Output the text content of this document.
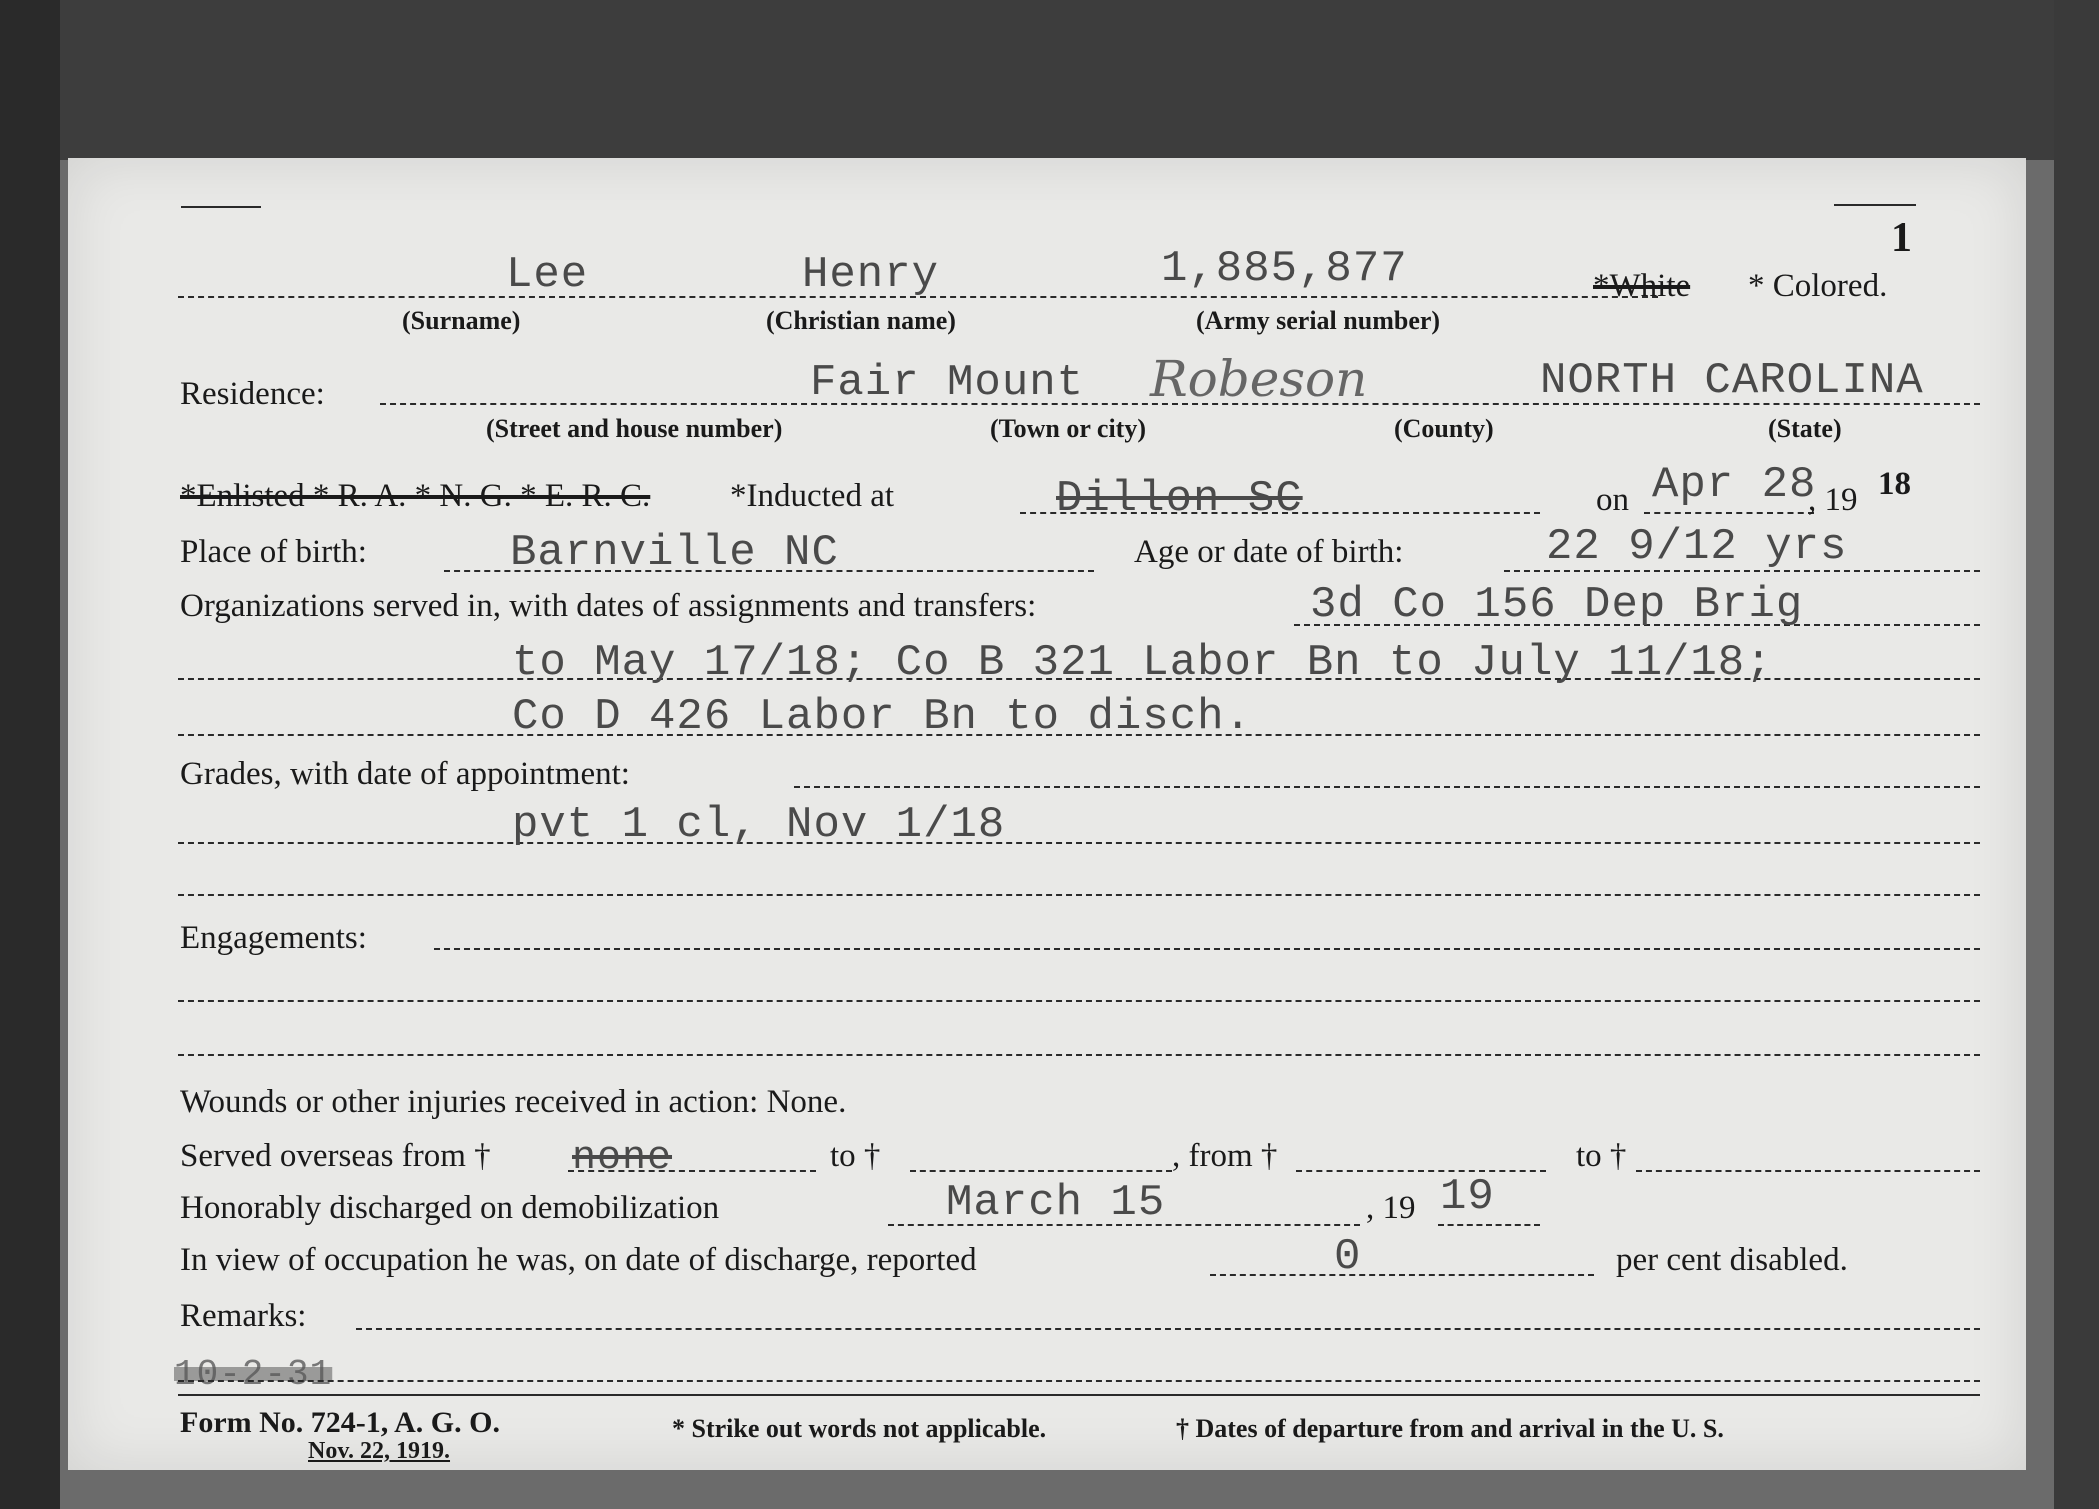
1
Lee	Henry	1,885,877	*White * Colored.
(Surname)	(Christian name)	(Army serial number)
Residence:	Fair Mount Robeson	NORTH CAROLINA
(Street and house number)	(Town or city)	(County)	(State)
*Enlisted * R. A. * N. G. * E. R. C. *Inducted at	Dillon SC	on Apr 28
, 19 18
Place of birth:	Barnville NC	Age or date of birth:	22 9/12 yrs
Organizations served in, with dates of assignments and transfers:	3d Co 156 Dep Brig
to May 17/18; Co B 321 Labor Bn to July 11/18;
Co D 426 Labor Bn to disch.
Grades, with date of appointment:
pvt 1 cl, Nov 1/18
Engagements:
Wounds or other injuries received in action: None.
Served overseas from † none	to †	, from †	to †
Honorably discharged on demobilization	March 15	, 19 19
In view of occupation he was, on date of discharge, reported	0	per cent disabled.
Remarks:
10-2-31
Form No. 724-1, A. G. O.
Nov. 22, 1919.
* Strike out words not applicable.	† Dates of departure from and arrival in the U. S.
